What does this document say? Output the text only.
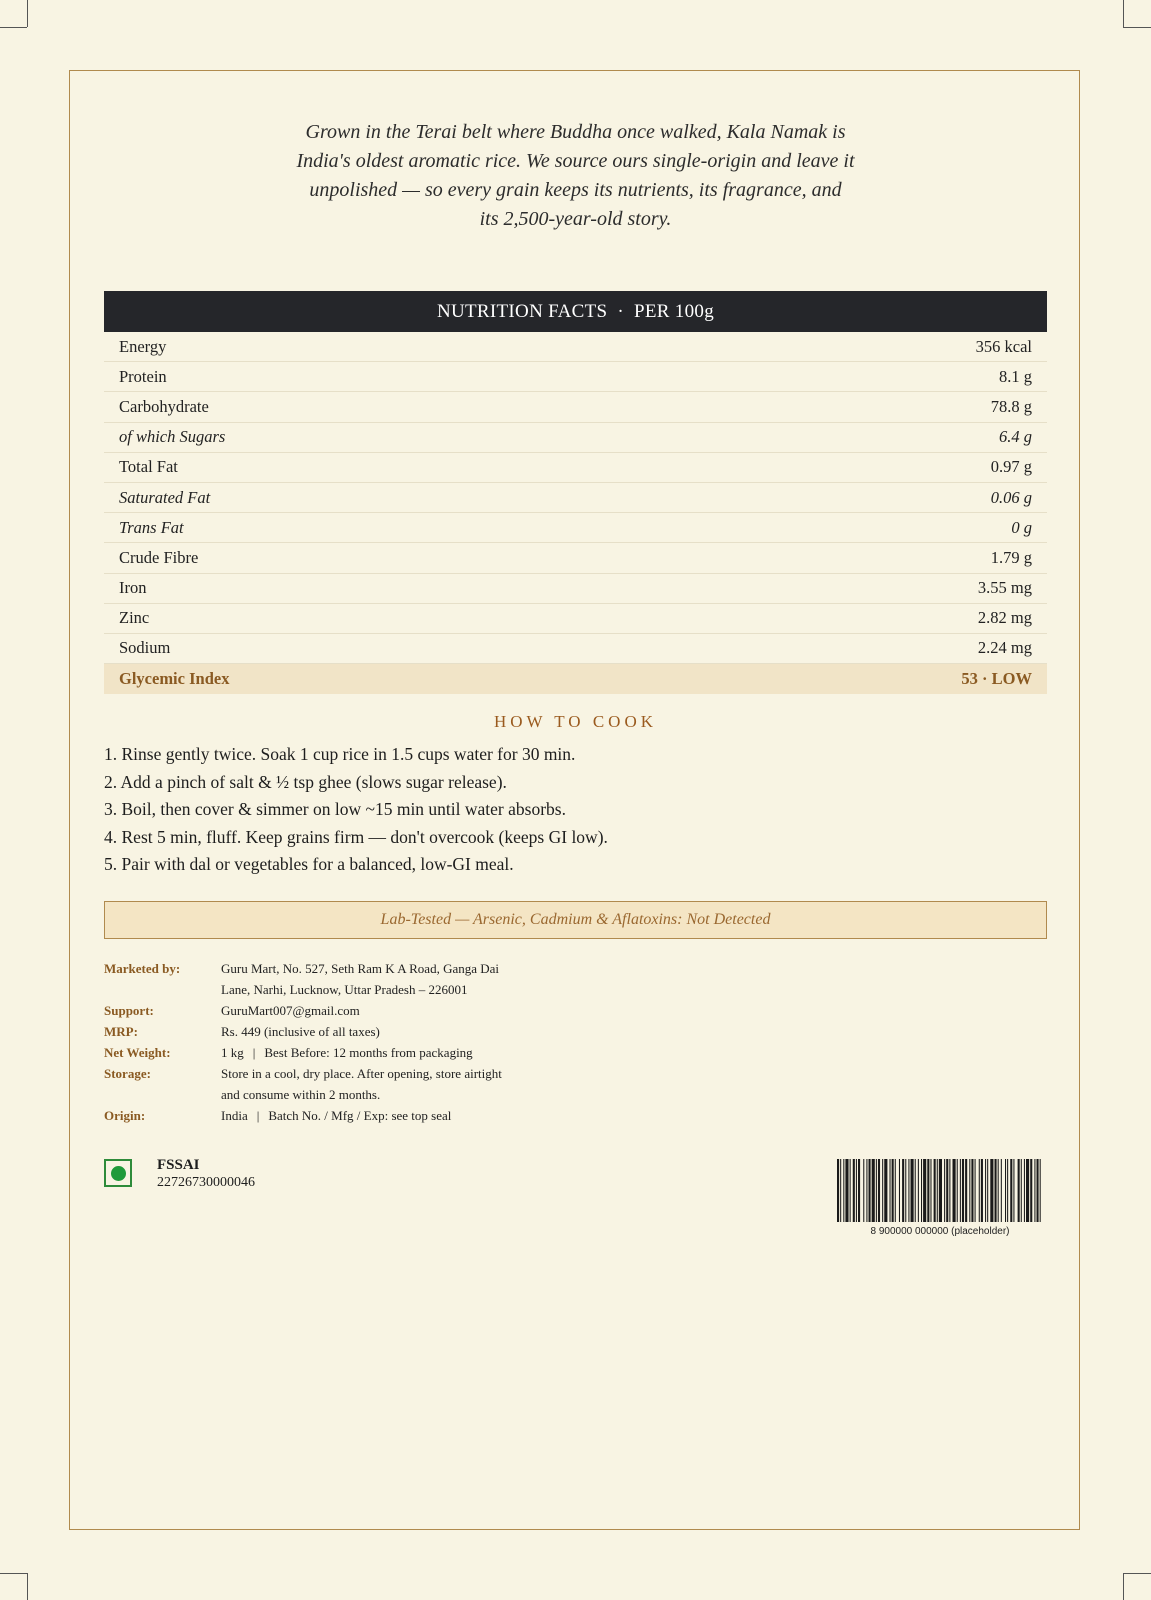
Grown in the Terai belt where Buddha once walked, Kala Namak is
India's oldest aromatic rice. We source ours single-origin and leave it
unpolished — so every grain keeps its nutrients, its fragrance, and
its 2,500-year-old story.
NUTRITION FACTS · PER 100g
Energy	356 kcal
Protein	8.1 g
Carbohydrate	78.8 g
of which Sugars	6.4 g
Total Fat	0.97 g
Saturated Fat	0.06 g
Trans Fat	0 g
Crude Fibre	1.79 g
Iron	3.55 mg
Zinc	2.82 mg
Sodium	2.24 mg
Glycemic Index	53 · LOW
HOW TO COOK
1. Rinse gently twice. Soak 1 cup rice in 1.5 cups water for 30 min.
2. Add a pinch of salt & ½ tsp ghee (slows sugar release).
3. Boil, then cover & simmer on low ~15 min until water absorbs.
4. Rest 5 min, fluff. Keep grains firm — don't overcook (keeps GI low).
5. Pair with dal or vegetables for a balanced, low-GI meal.
Lab-Tested — Arsenic, Cadmium & Aflatoxins: Not Detected
Marketed by:	Guru Mart, No. 527, Seth Ram K A Road, Ganga Dai
Lane, Narhi, Lucknow, Uttar Pradesh – 226001
Support:	GuruMart007@gmail.com
MRP:	Rs. 449 (inclusive of all taxes)
Net Weight:	1 kg | Best Before: 12 months from packaging
Storage:	Store in a cool, dry place. After opening, store airtight
and consume within 2 months.
Origin:	India | Batch No. / Mfg / Exp: see top seal
FSSAI
22726730000046
8 900000 000000 (placeholder)
